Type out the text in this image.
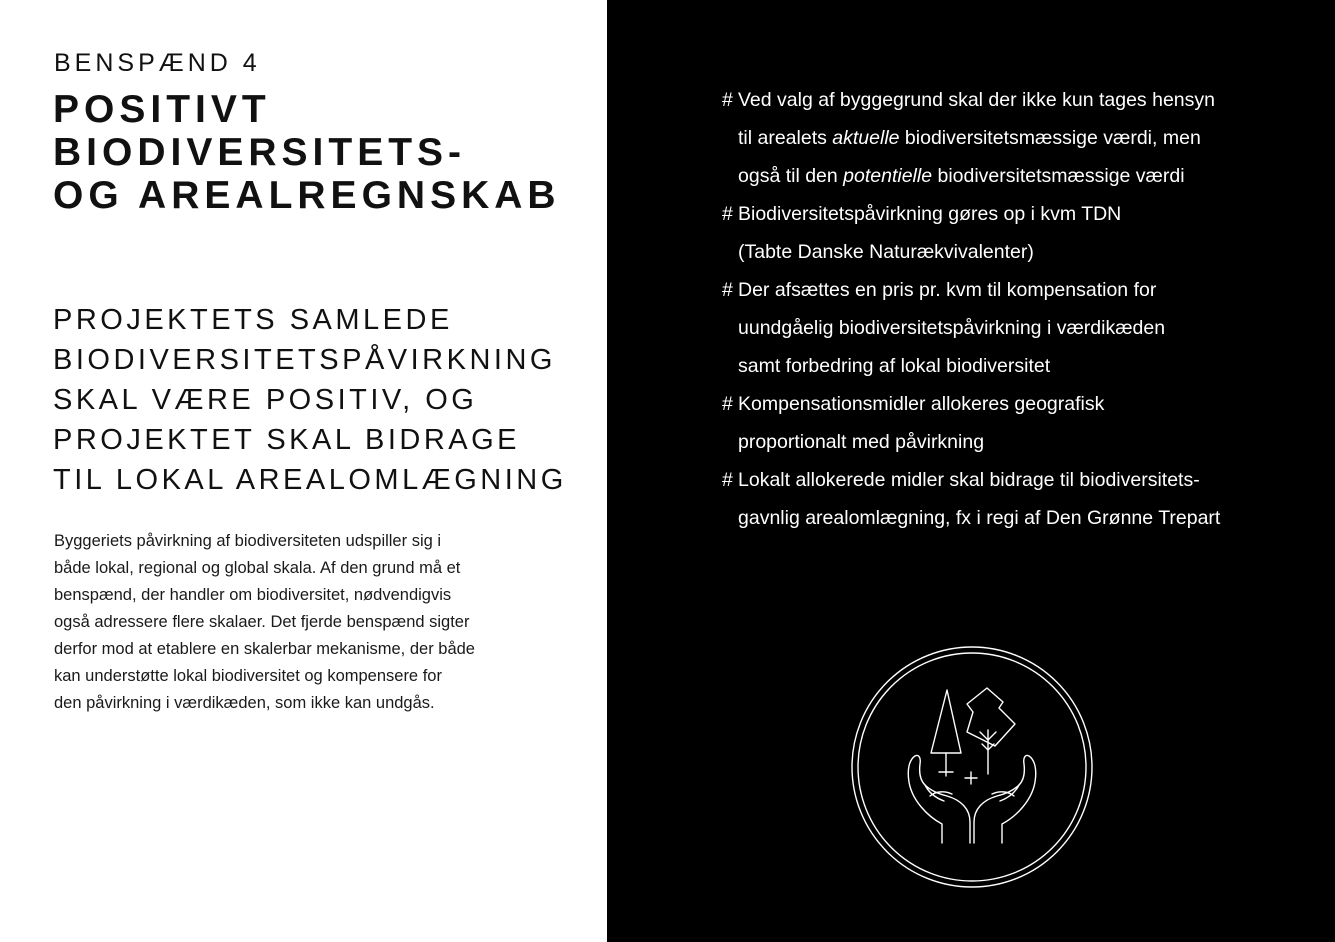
BENSPÆND 4

POSITIVT
BIODIVERSITETS-
OG AREALREGNSKAB
PROJEKTETS SAMLEDE
BIODIVERSITETSPÅVIRKNING
SKAL VÆRE POSITIV, OG
PROJEKTET SKAL BIDRAGE
TIL LOKAL AREALOMLÆGNING

Byggeriets påvirkning af biodiversiteten udspiller sig i
både lokal, regional og global skala. Af den grund må et
benspænd, der handler om biodiversitet, nødvendigvis
også adressere flere skalaer. Det fjerde benspænd sigter
derfor mod at etablere en skalerbar mekanisme, der både
kan understøtte lokal biodiversitet og kompensere for
den påvirkning i værdikæden, som ikke kan undgås.

# Ved valg af byggegrund skal der ikke kun tages hensyn
til arealets aktuelle biodiversitetsmæssige værdi, men
også til den potentielle biodiversitetsmæssige værdi
# Biodiversitetspåvirkning gøres op i kvm TDN
(Tabte Danske Naturækvivalenter)
# Der afsættes en pris pr. kvm til kompensation for
uundgåelig biodiversitetspåvirkning i værdikæden
samt forbedring af lokal biodiversitet
# Kompensationsmidler allokeres geografisk
proportionalt med påvirkning
# Lokalt allokerede midler skal bidrage til biodiversitets-
gavnlig arealomlægning, fx i regi af Den Grønne Trepart
